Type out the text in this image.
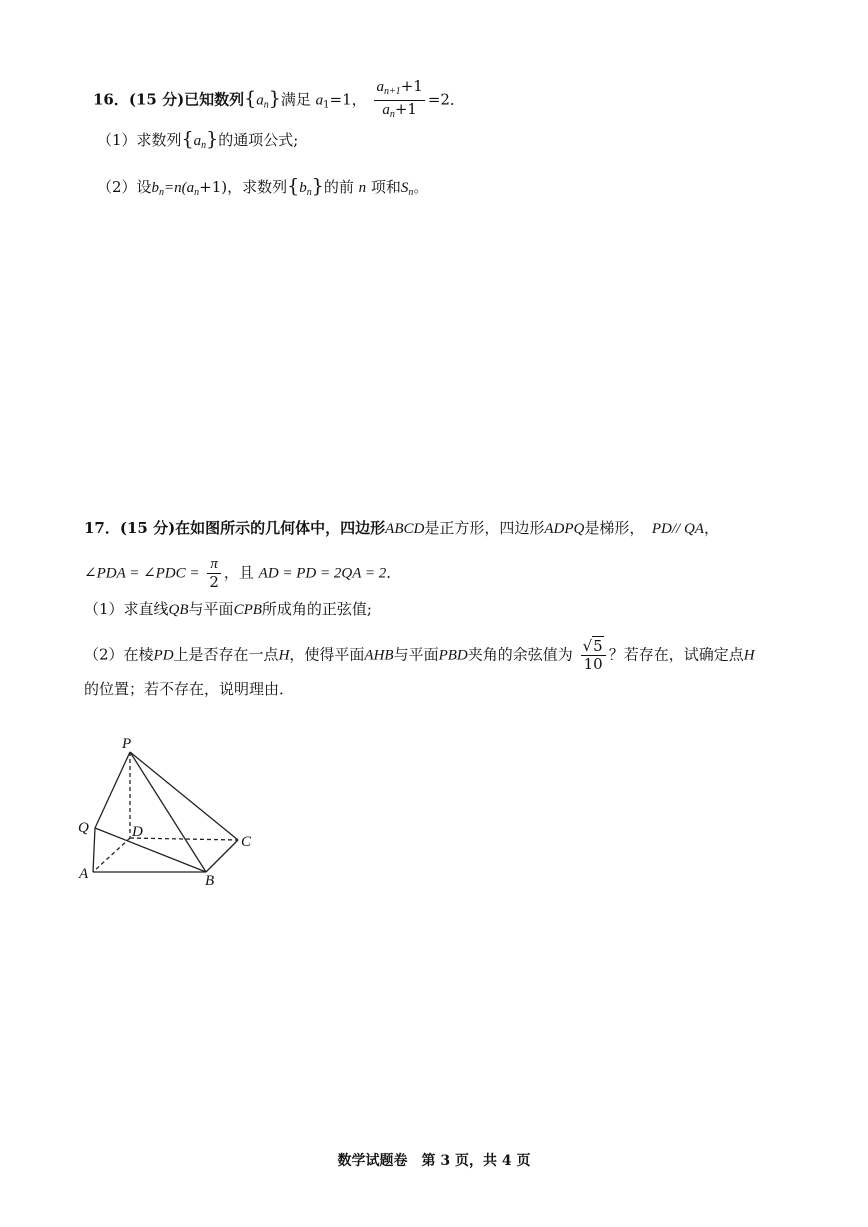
16．(15 分)已知数列$\{a_n\}$满足 $a_1=1$， $\frac{a_{n+1}+1}{a_n+1} =2$．
（1）求数列$\{a_n\}$的通项公式;
（2）设$b_n=n(a_n+1)$，求数列$\{b_n\}$的前 n 项和$S_n$。
17．(15 分)在如图所示的几何体中，四边形ABCD是正方形，四边形ADPQ是梯形，　 PD// QA，
∠PDA = ∠PDC = $\frac{\pi}{2}$ ，且 AD = PD = 2QA = 2．
（1）求直线QB与平面CPB所成角的正弦值;
（2）在棱PD上是否存在一点H，使得平面AHB与平面PBD夹角的余弦值为 $\frac{√5}{10}$ ？若存在，试确定点H
的位置；若不存在，说明理由．
P
Q	D
C
A	B
数学试题卷　第 3 页，共 4 页
